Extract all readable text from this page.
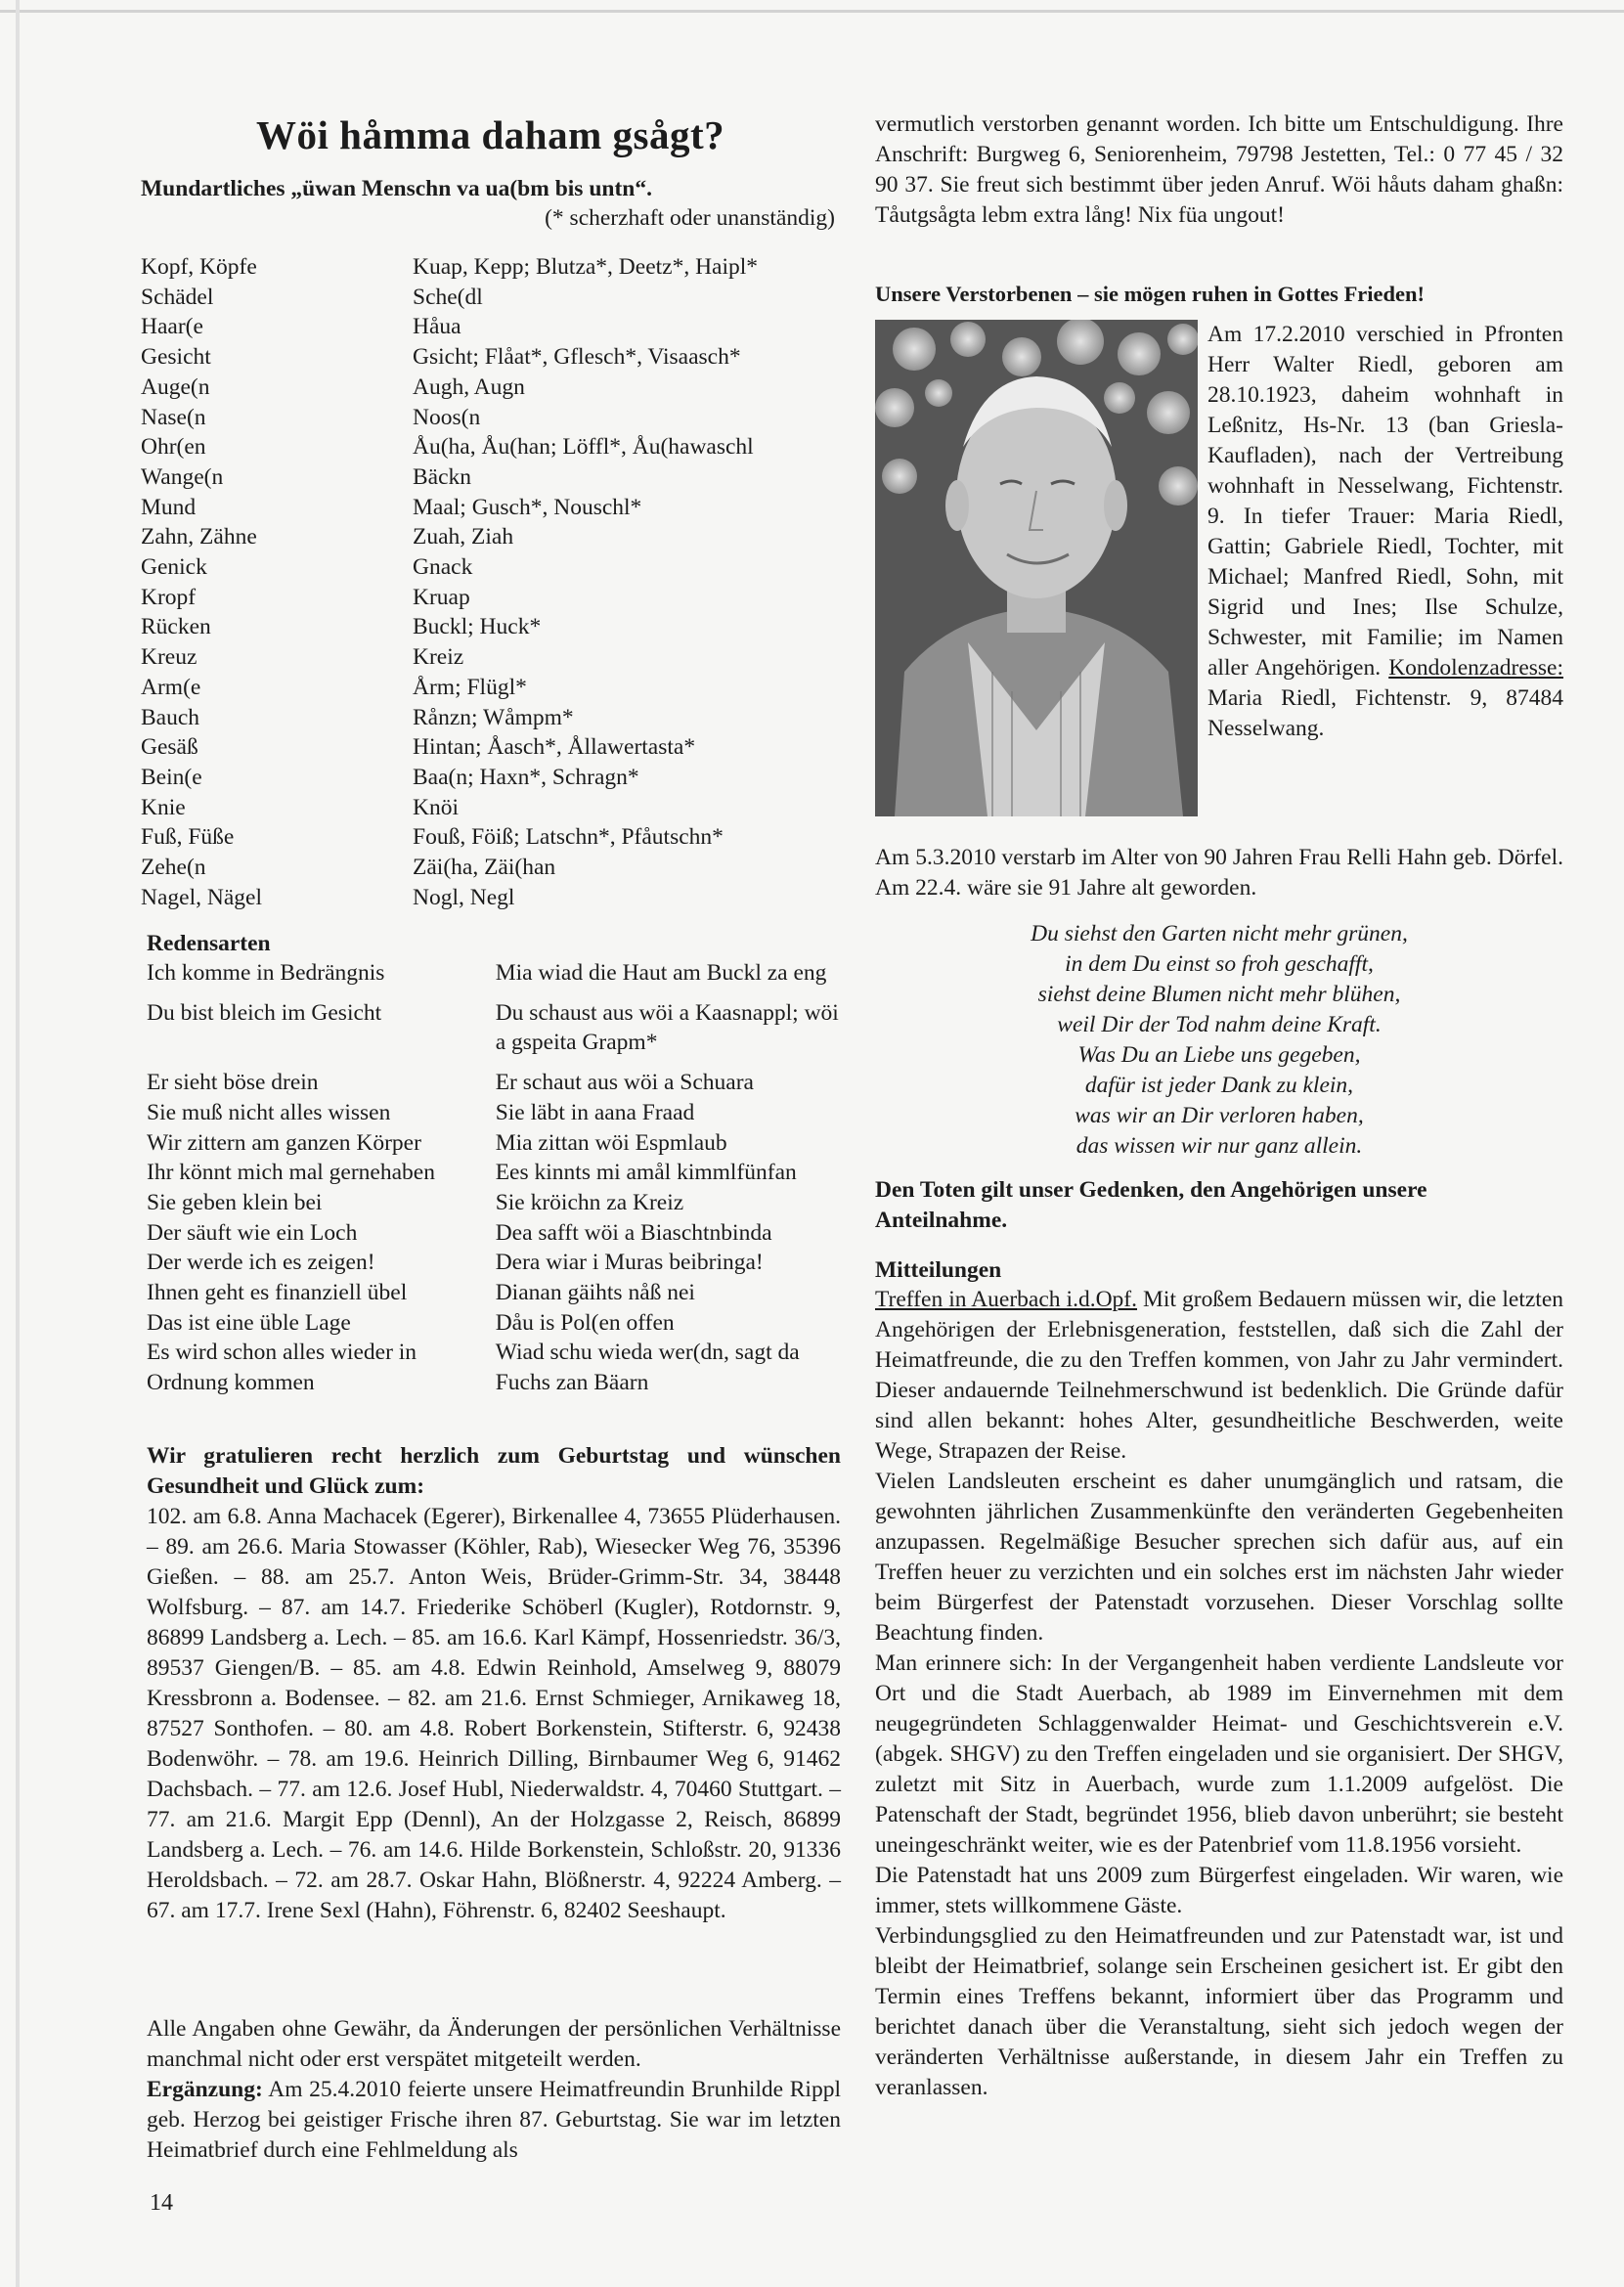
Wöi håmma daham gsågt?
Mundartliches „üwan Menschn va ua(bm bis untn“.
(* scherzhaft oder unanständig)
Kopf, Köpfe	Kuap, Kepp; Blutza*, Deetz*, Haipl*
Schädel	Sche(dl
Haar(e	Håua
Gesicht	Gsicht; Flåat*, Gflesch*, Visaasch*
Auge(n	Augh, Augn
Nase(n	Noos(n
Ohr(en	Åu(ha, Åu(han; Löffl*, Åu(hawaschl
Wange(n	Bäckn
Mund	Maal; Gusch*, Nouschl*
Zahn, Zähne	Zuah, Ziah
Genick	Gnack
Kropf	Kruap
Rücken	Buckl; Huck*
Kreuz	Kreiz
Arm(e	Årm; Flügl*
Bauch	Rånzn; Wåmpm*
Gesäß	Hintan; Åasch*, Ållawertasta*
Bein(e	Baa(n; Haxn*, Schragn*
Knie	Knöi
Fuß, Füße	Fouß, Föiß; Latschn*, Pfåutschn*
Zehe(n	Zäi(ha, Zäi(han
Nagel, Nägel	Nogl, Negl
Redensarten
Ich komme in Bedrängnis	Mia wiad die Haut am Buckl za eng

Du bist bleich im Gesicht	Du schaust aus wöi a Kaasnappl; wöi a gspeita Grapm*

Er sieht böse drein	Er schaut aus wöi a Schuara
Sie muß nicht alles wissen	Sie läbt in aana Fraad
Wir zittern am ganzen Körper	Mia zittan wöi Espmlaub
Ihr könnt mich mal gernehaben	Ees kinnts mi amål kimmlfünfan
Sie geben klein bei	Sie kröichn za Kreiz
Der säuft wie ein Loch	Dea safft wöi a Biaschtnbinda
Der werde ich es zeigen!	Dera wiar i Muras beibringa!
Ihnen geht es finanziell übel	Dianan gäihts nåß nei
Das ist eine üble Lage	Dåu is Pol(en offen
Es wird schon alles wieder in Ordnung kommen	Wiad schu wieda wer(dn, sagt da Fuchs zan Bäarn
Wir gratulieren recht herzlich zum Geburtstag und wünschen Gesundheit und Glück zum:
102. am 6.8. Anna Machacek (Egerer), Birkenallee 4, 73655 Plüderhausen. – 89. am 26.6. Maria Stowasser (Köhler, Rab), Wiesecker Weg 76, 35396 Gießen. – 88. am 25.7. Anton Weis, Brüder-Grimm-Str. 34, 38448 Wolfsburg. – 87. am 14.7. Friederike Schöberl (Kugler), Rotdornstr. 9, 86899 Landsberg a. Lech. – 85. am 16.6. Karl Kämpf, Hossenriedstr. 36/3, 89537 Giengen/B. – 85. am 4.8. Edwin Reinhold, Amselweg 9, 88079 Kressbronn a. Bodensee. – 82. am 21.6. Ernst Schmieger, Arnikaweg 18, 87527 Sonthofen. – 80. am 4.8. Robert Borkenstein, Stifterstr. 6, 92438 Bodenwöhr. – 78. am 19.6. Heinrich Dilling, Birnbaumer Weg 6, 91462 Dachsbach. – 77. am 12.6. Josef Hubl, Niederwaldstr. 4, 70460 Stuttgart. – 77. am 21.6. Margit Epp (Dennl), An der Holzgasse 2, Reisch, 86899 Landsberg a. Lech. – 76. am 14.6. Hilde Borkenstein, Schloßstr. 20, 91336 Heroldsbach. – 72. am 28.7. Oskar Hahn, Blößnerstr. 4, 92224 Amberg. – 67. am 17.7. Irene Sexl (Hahn), Föhrenstr. 6, 82402 Seeshaupt.
Alle Angaben ohne Gewähr, da Änderungen der persönlichen Verhältnisse manchmal nicht oder erst verspätet mitgeteilt werden.
Ergänzung: Am 25.4.2010 feierte unsere Heimatfreundin Brunhilde Rippl geb. Herzog bei geistiger Frische ihren 87. Geburtstag. Sie war im letzten Heimatbrief durch eine Fehlmeldung als
vermutlich verstorben genannt worden. Ich bitte um Entschuldigung. Ihre Anschrift: Burgweg 6, Seniorenheim, 79798 Jestetten, Tel.: 0 77 45 / 32 90 37. Sie freut sich bestimmt über jeden Anruf. Wöi håuts daham ghaßn: Tåutgsågta lebm extra lång! Nix füa ungout!
Unsere Verstorbenen – sie mögen ruhen in Gottes Frieden!
Am 17.2.2010 verschied in Pfronten Herr Walter Riedl, geboren am 28.10.1923, daheim wohnhaft in Leßnitz, Hs-Nr. 13 (ban Griesla-Kaufladen), nach der Vertreibung wohnhaft in Nesselwang, Fichtenstr. 9. In tiefer Trauer: Maria Riedl, Gattin; Gabriele Riedl, Tochter, mit Michael; Manfred Riedl, Sohn, mit Sigrid und Ines; Ilse Schulze, Schwester, mit Familie; im Namen aller Angehörigen. Kondolenzadresse: Maria Riedl, Fichtenstr. 9, 87484 Nesselwang.
Am 5.3.2010 verstarb im Alter von 90 Jahren Frau Relli Hahn geb. Dörfel. Am 22.4. wäre sie 91 Jahre alt geworden.
Du siehst den Garten nicht mehr grünen,
in dem Du einst so froh geschafft,
siehst deine Blumen nicht mehr blühen,
weil Dir der Tod nahm deine Kraft.
Was Du an Liebe uns gegeben,
dafür ist jeder Dank zu klein,
was wir an Dir verloren haben,
das wissen wir nur ganz allein.
Den Toten gilt unser Gedenken, den Angehörigen unsere Anteilnahme.
Mitteilungen
Treffen in Auerbach i.d.Opf. Mit großem Bedauern müssen wir, die letzten Angehörigen der Erlebnisgeneration, feststellen, daß sich die Zahl der Heimatfreunde, die zu den Treffen kommen, von Jahr zu Jahr vermindert. Dieser andauernde Teilnehmerschwund ist bedenklich. Die Gründe dafür sind allen bekannt: hohes Alter, gesundheitliche Beschwerden, weite Wege, Strapazen der Reise.
Vielen Landsleuten erscheint es daher unumgänglich und ratsam, die gewohnten jährlichen Zusammenkünfte den veränderten Gegebenheiten anzupassen. Regelmäßige Besucher sprechen sich dafür aus, auf ein Treffen heuer zu verzichten und ein solches erst im nächsten Jahr wieder beim Bürgerfest der Patenstadt vorzusehen. Dieser Vorschlag sollte Beachtung finden.
Man erinnere sich: In der Vergangenheit haben verdiente Landsleute vor Ort und die Stadt Auerbach, ab 1989 im Einvernehmen mit dem neugegründeten Schlaggenwalder Heimat- und Geschichtsverein e.V. (abgek. SHGV) zu den Treffen eingeladen und sie organisiert. Der SHGV, zuletzt mit Sitz in Auerbach, wurde zum 1.1.2009 aufgelöst. Die Patenschaft der Stadt, begründet 1956, blieb davon unberührt; sie besteht uneingeschränkt weiter, wie es der Patenbrief vom 11.8.1956 vorsieht.
Die Patenstadt hat uns 2009 zum Bürgerfest eingeladen. Wir waren, wie immer, stets willkommene Gäste.
Verbindungsglied zu den Heimatfreunden und zur Patenstadt war, ist und bleibt der Heimatbrief, solange sein Erscheinen gesichert ist. Er gibt den Termin eines Treffens bekannt, informiert über das Programm und berichtet danach über die Veranstaltung, sieht sich jedoch wegen der veränderten Verhältnisse außerstande, in diesem Jahr ein Treffen zu veranlassen.
14
